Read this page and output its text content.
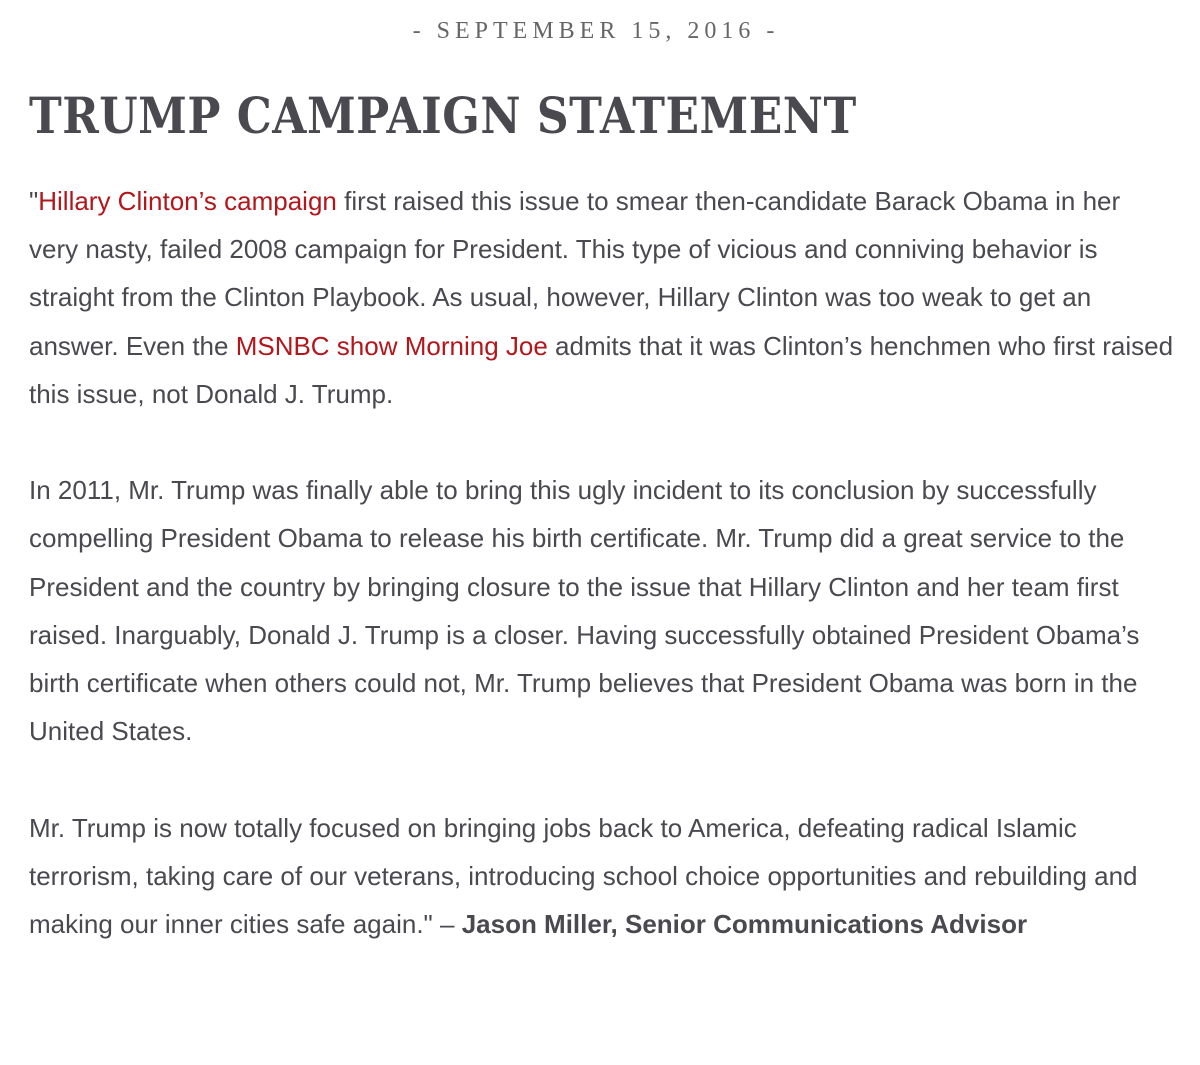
- SEPTEMBER 15, 2016 -
TRUMP CAMPAIGN STATEMENT

"Hillary Clinton’s campaign first raised this issue to smear then-candidate Barack Obama in her very nasty, failed 2008 campaign for President. This type of vicious and conniving behavior is straight from the Clinton Playbook. As usual, however, Hillary Clinton was too weak to get an answer. Even the MSNBC show Morning Joe admits that it was Clinton’s henchmen who first raised this issue, not Donald J. Trump.

In 2011, Mr. Trump was finally able to bring this ugly incident to its conclusion by successfully compelling President Obama to release his birth certificate. Mr. Trump did a great service to the President and the country by bringing closure to the issue that Hillary Clinton and her team first raised. Inarguably, Donald J. Trump is a closer. Having successfully obtained President Obama’s birth certificate when others could not, Mr. Trump believes that President Obama was born in the United States.

Mr. Trump is now totally focused on bringing jobs back to America, defeating radical Islamic terrorism, taking care of our veterans, introducing school choice opportunities and rebuilding and making our inner cities safe again." – Jason Miller, Senior Communications Advisor
